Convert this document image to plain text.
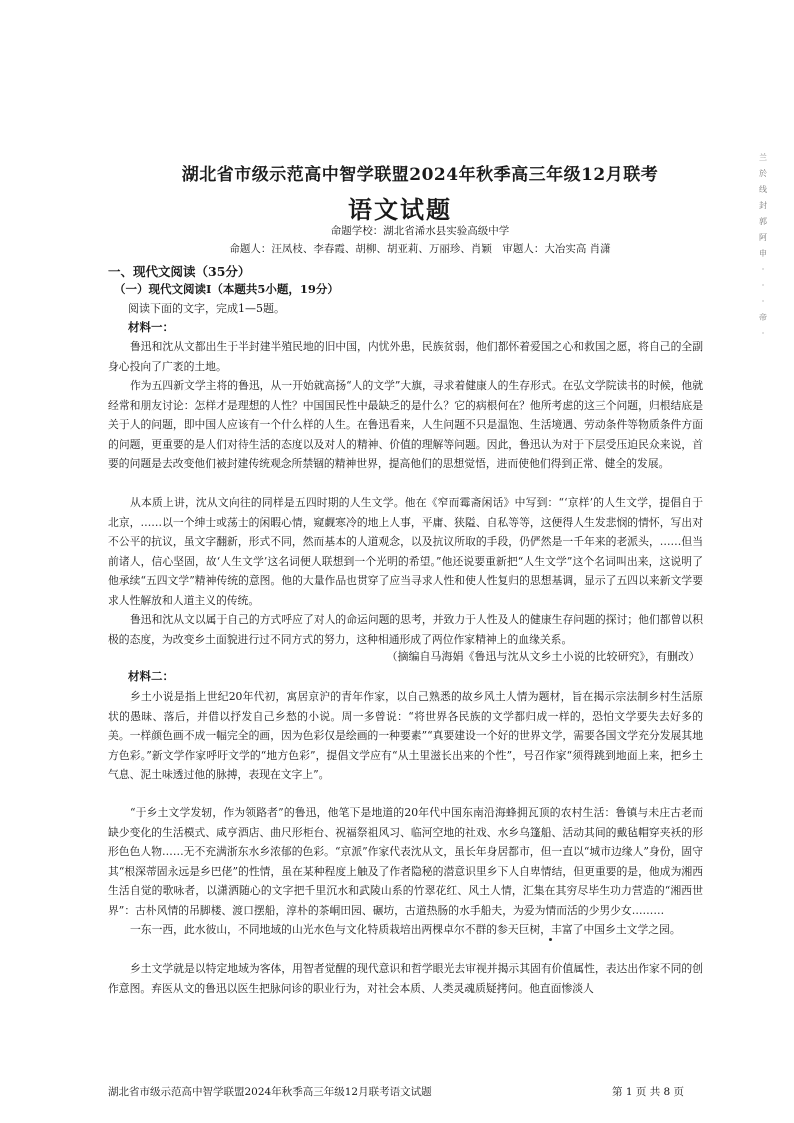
湖北省市级示范高中智学联盟2024年秋季高三年级12月联考
语文试题
命题学校：湖北省浠水县实验高级中学
命题人：汪凤枝、李春霞、胡柳、胡亚莉、万丽珍、肖颖　审题人：大冶实高 肖潇
一、现代文阅读（35分）
（一）现代文阅读Ⅰ（本题共5小题，19分）
阅读下面的文字，完成1—5题。
材料一：

鲁迅和沈从文都出生于半封建半殖民地的旧中国，内忧外患，民族贫弱，他们都怀着爱国之心和救国之愿，将自己的全副身心投向了广袤的土地。

作为五四新文学主将的鲁迅，从一开始就高扬“人的文学”大旗，寻求着健康人的生存形式。在弘文学院读书的时候，他就经常和朋友讨论：怎样才是理想的人性？中国国民性中最缺乏的是什么？它的病根何在？他所考虑的这三个问题，归根结底是关于人的问题，即中国人应该有一个什么样的人生。在鲁迅看来，人生问题不只是温饱、生活境遇、劳动条件等物质条件方面的问题，更重要的是人们对待生活的态度以及对人的精神、价值的理解等问题。因此，鲁迅认为对于下层受压迫民众来说，首要的问题是去改变他们被封建传统观念所禁锢的精神世界，提高他们的思想觉悟，进而使他们得到正常、健全的发展。

从本质上讲，沈从文向往的同样是五四时期的人生文学。他在《窄而霉斋闲话》中写到：“‘京样’的人生文学，提倡自于北京，……以一个绅士或荡士的闲暇心情，窥觑寒冷的地上人事，平庸、狭隘、自私等等，这便得人生发悲悯的情怀，写出对不公平的抗议，虽文字翻新，形式不同，然而基本的人道观念，以及抗议所取的手段，仍俨然是一千年来的老派头，……但当前诸人，信心坚固，故‘人生文学’这名词便人联想到一个光明的希望。”他还说要重新把“人生文学”这个名词叫出来，这说明了他承续“五四文学”精神传统的意图。他的大量作品也贯穿了应当寻求人性和使人性复归的思想基调，显示了五四以来新文学要求人性解放和人道主义的传统。

鲁迅和沈从文以属于自己的方式呼应了对人的命运问题的思考，并致力于人性及人的健康生存问题的探讨；他们都曾以积极的态度，为改变乡土面貌进行过不同方式的努力，这种相通形成了两位作家精神上的血缘关系。

（摘编自马海娟《鲁迅与沈从文乡土小说的比较研究》，有删改）
材料二：

乡土小说是指上世纪20年代初，寓居京沪的青年作家，以自己熟悉的故乡风土人情为题材，旨在揭示宗法制乡村生活原状的愚昧、落后，并借以抒发自己乡愁的小说。周一多曾说：“将世界各民族的文学都归成一样的，恐怕文学要失去好多的美。一样颜色画不成一幅完全的画，因为色彩仅是绘画的一种要素”“真要建设一个好的世界文学，需要各国文学充分发展其地方色彩。”新文学作家呼吁文学的“地方色彩”，提倡文学应有“从土里滋长出来的个性”，号召作家“须得跳到地面上来，把乡土气息、泥土味透过他的脉搏，表现在文字上”。

“于乡土文学发轫，作为领路者”的鲁迅，他笔下是地道的20年代中国东南沿海蜂拥瓦顶的农村生活：鲁镇与未庄古老而缺少变化的生活模式、咸亨酒店、曲尺形柜台、祝福祭祖风习、临河空地的社戏、水乡乌篷船、活动其间的戴毡帽穿夹袄的形形色色人物……无不充满浙东水乡浓郁的色彩。“京派”作家代表沈从文，虽长年身居都市，但一直以“城市边缘人”身份，固守其“根深蒂固永远是乡巴佬”的性情，虽在某种程度上触及了作者隐秘的潜意识里乡下人自卑情结，但更重要的是，他成为湘西生活自觉的歌咏者，以潇洒随心的文字把千里沉水和武陵山系的竹翠花红、风土人情，汇集在其穷尽毕生功力营造的“湘西世界”：古朴风情的吊脚楼、渡口摆船，淳朴的茶峒田园、碾坊，古道热肠的水手船夫，为爱为情而活的少男少女………

一东一西，此水彼山，不同地域的山光水色与文化特质栽培出两棵卓尔不群的参天巨树，丰富了中国乡土文学之园。

乡土文学就是以特定地域为客体，用智者觉醒的现代意识和哲学眼光去审视并揭示其固有价值属性，表达出作家不同的创作意图。弃医从文的鲁迅以医生把脉问诊的职业行为，对社会本质、人类灵魂质疑拷问。他直面惨淡人

湖北省市级示范高中智学联盟2024年秋季高三年级12月联考语文试题	第 1 页 共 8 页
兰
於
线
封
郭
阿
申
·
·
·
帝
·
